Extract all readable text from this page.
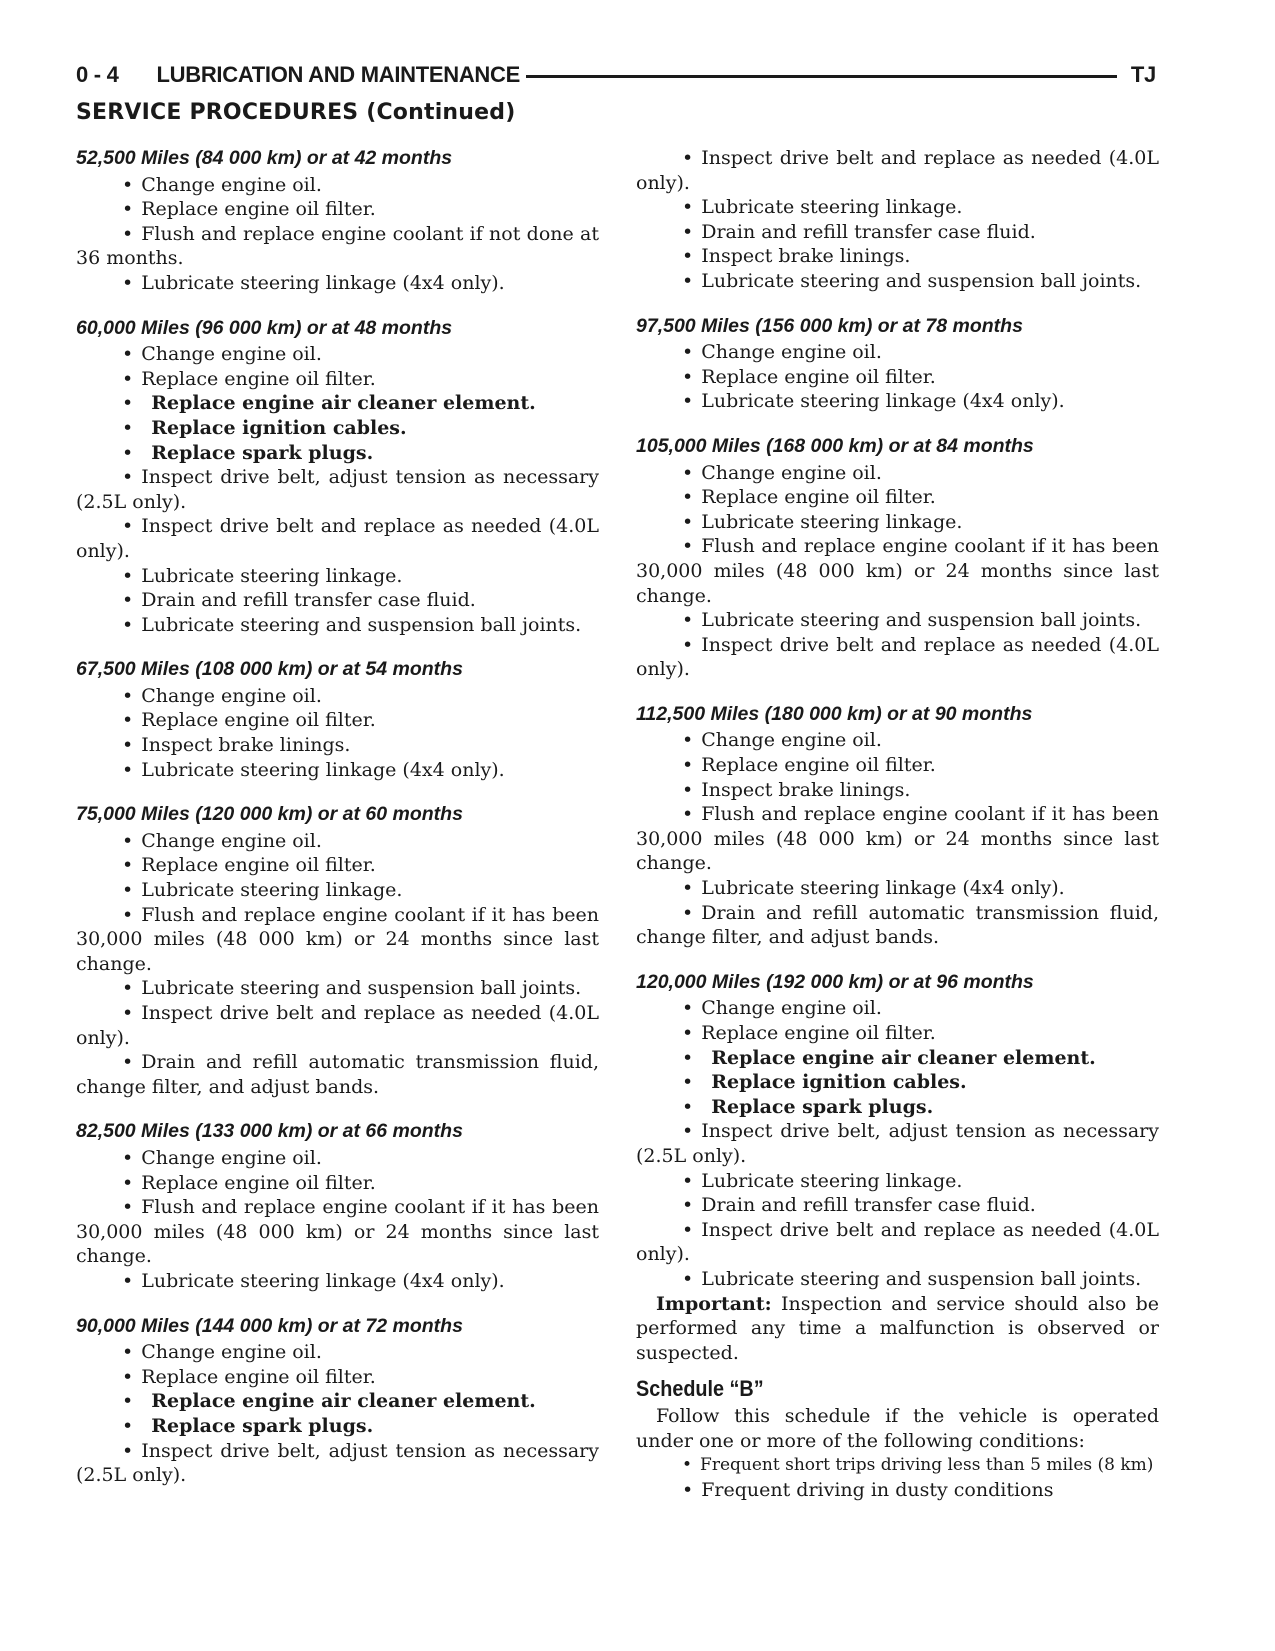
0 - 4 LUBRICATION AND MAINTENANCE	TJ
SERVICE PROCEDURES (Continued)
52,500 Miles (84 000 km) or at 42 months
• Change engine oil.
• Replace engine oil filter.
• Flush and replace engine coolant if not done at 36 months.
• Lubricate steering linkage (4x4 only).
60,000 Miles (96 000 km) or at 48 months
• Change engine oil.
• Replace engine oil filter.
• Replace engine air cleaner element.
• Replace ignition cables.
• Replace spark plugs.
• Inspect drive belt, adjust tension as necessary (2.5L only).
• Inspect drive belt and replace as needed (4.0L only).
• Lubricate steering linkage.
• Drain and refill transfer case fluid.
• Lubricate steering and suspension ball joints.
67,500 Miles (108 000 km) or at 54 months
• Change engine oil.
• Replace engine oil filter.
• Inspect brake linings.
• Lubricate steering linkage (4x4 only).
75,000 Miles (120 000 km) or at 60 months
• Change engine oil.
• Replace engine oil filter.
• Lubricate steering linkage.
• Flush and replace engine coolant if it has been 30,000 miles (48 000 km) or 24 months since last change.
• Lubricate steering and suspension ball joints.
• Inspect drive belt and replace as needed (4.0L only).
• Drain and refill automatic transmission fluid, change filter, and adjust bands.
82,500 Miles (133 000 km) or at 66 months
• Change engine oil.
• Replace engine oil filter.
• Flush and replace engine coolant if it has been 30,000 miles (48 000 km) or 24 months since last change.
• Lubricate steering linkage (4x4 only).
90,000 Miles (144 000 km) or at 72 months
• Change engine oil.
• Replace engine oil filter.
• Replace engine air cleaner element.
• Replace spark plugs.
• Inspect drive belt, adjust tension as necessary (2.5L only).
• Inspect drive belt and replace as needed (4.0L only).
• Lubricate steering linkage.
• Drain and refill transfer case fluid.
• Inspect brake linings.
• Lubricate steering and suspension ball joints.
97,500 Miles (156 000 km) or at 78 months
• Change engine oil.
• Replace engine oil filter.
• Lubricate steering linkage (4x4 only).
105,000 Miles (168 000 km) or at 84 months
• Change engine oil.
• Replace engine oil filter.
• Lubricate steering linkage.
• Flush and replace engine coolant if it has been 30,000 miles (48 000 km) or 24 months since last change.
• Lubricate steering and suspension ball joints.
• Inspect drive belt and replace as needed (4.0L only).
112,500 Miles (180 000 km) or at 90 months
• Change engine oil.
• Replace engine oil filter.
• Inspect brake linings.
• Flush and replace engine coolant if it has been 30,000 miles (48 000 km) or 24 months since last change.
• Lubricate steering linkage (4x4 only).
• Drain and refill automatic transmission fluid, change filter, and adjust bands.
120,000 Miles (192 000 km) or at 96 months
• Change engine oil.
• Replace engine oil filter.
• Replace engine air cleaner element.
• Replace ignition cables.
• Replace spark plugs.
• Inspect drive belt, adjust tension as necessary (2.5L only).
• Lubricate steering linkage.
• Drain and refill transfer case fluid.
• Inspect drive belt and replace as needed (4.0L only).
• Lubricate steering and suspension ball joints.
Important: Inspection and service should also be performed any time a malfunction is observed or suspected.
Schedule “B”
Follow this schedule if the vehicle is operated under one or more of the following conditions:
• Frequent short trips driving less than 5 miles (8 km)
• Frequent driving in dusty conditions
